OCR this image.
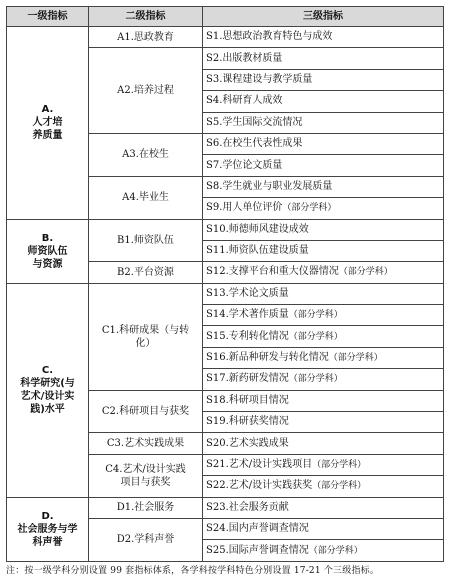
一级指标	二级指标	三级指标

A.
人才培养质量	A1.思政教育	S1.思想政治教育特色与成效
	A2.培养过程	S2.出版教材质量
		S3.课程建设与教学质量
		S4.科研育人成效
		S5.学生国际交流情况
	A3.在校生	S6.在校生代表性成果
		S7.学位论文质量
	A4.毕业生	S8.学生就业与职业发展质量
		S9.用人单位评价（部分学科）

B.
师资队伍与资源	B1.师资队伍	S10.师德师风建设成效
		S11.师资队伍建设质量
	B2.平台资源	S12.支撑平台和重大仪器情况（部分学科）

C.
科学研究(与艺术/设计实践)水平	C1.科研成果（与转化）	S13.学术论文质量
		S14.学术著作质量（部分学科）
		S15.专利转化情况（部分学科）
		S16.新品种研发与转化情况（部分学科）
		S17.新药研发情况（部分学科）
	C2.科研项目与获奖	S18.科研项目情况
		S19.科研获奖情况
	C3.艺术实践成果	S20.艺术实践成果
	C4.艺术/设计实践项目与获奖	S21.艺术/设计实践项目（部分学科）
		S22.艺术/设计实践获奖（部分学科）

D.
社会服务与学科声誉	D1.社会服务	S23.社会服务贡献
	D2.学科声誉	S24.国内声誉调查情况
		S25.国际声誉调查情况（部分学科）
注：按一级学科分别设置 99 套指标体系，各学科按学科特色分别设置 17-21 个三级指标。
